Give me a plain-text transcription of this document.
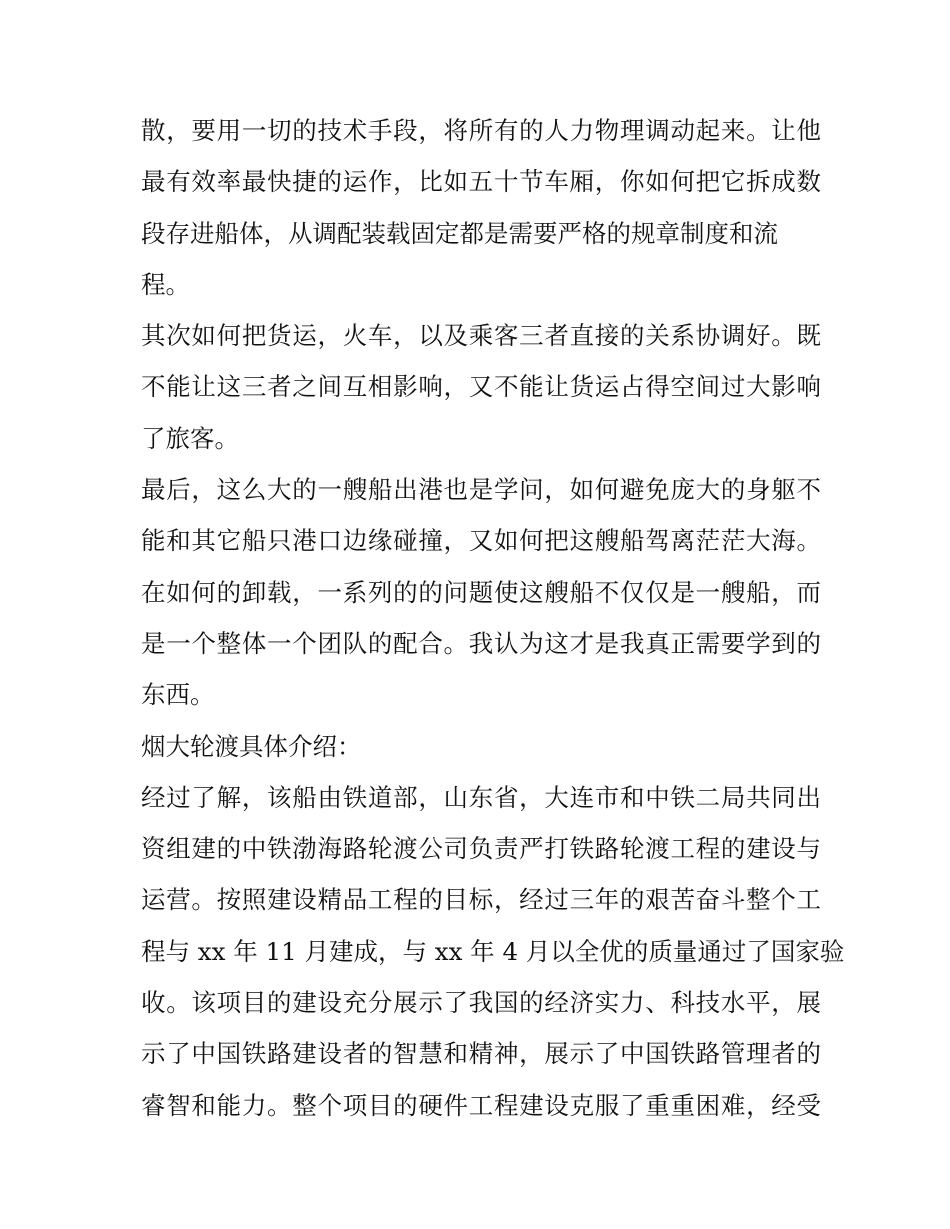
散，要用一切的技术手段，将所有的人力物理调动起来。让他
最有效率最快捷的运作，比如五十节车厢，你如何把它拆成数
段存进船体，从调配装载固定都是需要严格的规章制度和流
程。
其次如何把货运，火车，以及乘客三者直接的关系协调好。既
不能让这三者之间互相影响，又不能让货运占得空间过大影响
了旅客。
最后，这么大的一艘船出港也是学问，如何避免庞大的身躯不
能和其它船只港口边缘碰撞，又如何把这艘船驾离茫茫大海。
在如何的卸载，一系列的的问题使这艘船不仅仅是一艘船，而
是一个整体一个团队的配合。我认为这才是我真正需要学到的
东西。
烟大轮渡具体介绍：
经过了解，该船由铁道部，山东省，大连市和中铁二局共同出
资组建的中铁渤海路轮渡公司负责严打铁路轮渡工程的建设与
运营。按照建设精品工程的目标，经过三年的艰苦奋斗整个工
程与 xx 年 11 月建成，与 xx 年 4 月以全优的质量通过了国家验
收。该项目的建设充分展示了我国的经济实力、科技水平，展
示了中国铁路建设者的智慧和精神，展示了中国铁路管理者的
睿智和能力。整个项目的硬件工程建设克服了重重困难，经受
